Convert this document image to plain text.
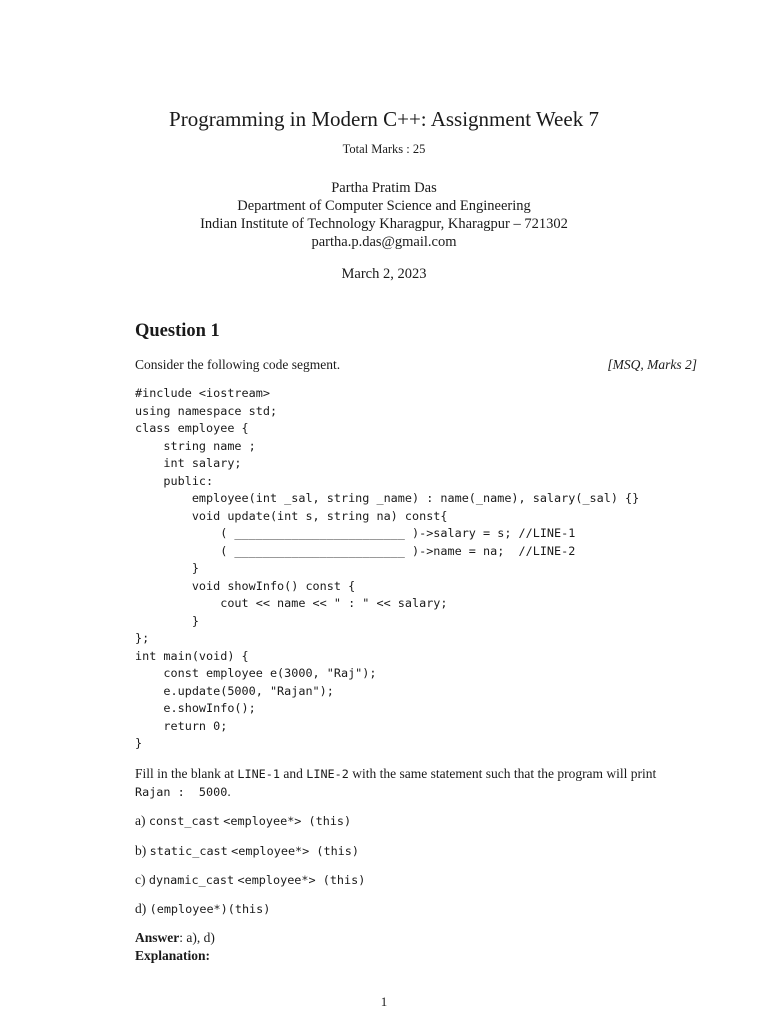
Programming in Modern C++: Assignment Week 7
Total Marks : 25
Partha Pratim Das
Department of Computer Science and Engineering
Indian Institute of Technology Kharagpur, Kharagpur – 721302
partha.p.das@gmail.com
March 2, 2023
Question 1
Consider the following code segment.	[MSQ, Marks 2]
#include <iostream>
using namespace std;
class employee {
string name ;
int salary;
public:
employee(int _sal, string _name) : name(_name), salary(_sal) {}
void update(int s, string na) const{
( ________________________ )->salary = s; //LINE-1
( ________________________ )->name = na;  //LINE-2
}
void showInfo() const {
cout << name << " : " << salary;
}
};
int main(void) {
const employee e(3000, "Raj");
e.update(5000, "Rajan");
e.showInfo();
return 0;
}
Fill in the blank at LINE-1 and LINE-2 with the same statement such that the program will print Rajan :  5000.
a) const_cast <employee*> (this)
b) static_cast <employee*> (this)
c) dynamic_cast <employee*> (this)
d) (employee*)(this)
Answer: a), d)
Explanation:
1
